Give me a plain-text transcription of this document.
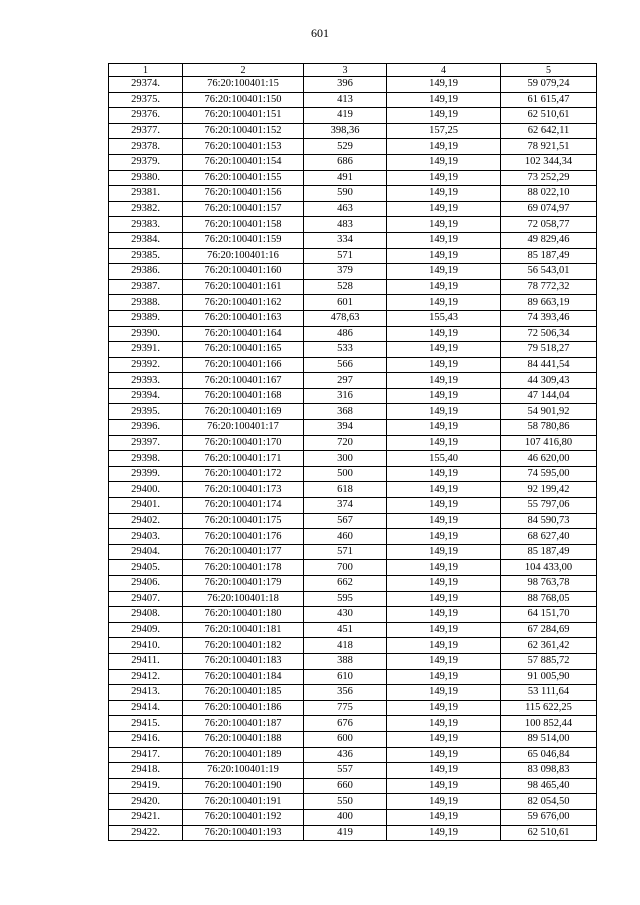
601
1	2	3	4	5
29374.	76:20:100401:15	396	149,19	59 079,24
29375.	76:20:100401:150	413	149,19	61 615,47
29376.	76:20:100401:151	419	149,19	62 510,61
29377.	76:20:100401:152	398,36	157,25	62 642,11
29378.	76:20:100401:153	529	149,19	78 921,51
29379.	76:20:100401:154	686	149,19	102 344,34
29380.	76:20:100401:155	491	149,19	73 252,29
29381.	76:20:100401:156	590	149,19	88 022,10
29382.	76:20:100401:157	463	149,19	69 074,97
29383.	76:20:100401:158	483	149,19	72 058,77
29384.	76:20:100401:159	334	149,19	49 829,46
29385.	76:20:100401:16	571	149,19	85 187,49
29386.	76:20:100401:160	379	149,19	56 543,01
29387.	76:20:100401:161	528	149,19	78 772,32
29388.	76:20:100401:162	601	149,19	89 663,19
29389.	76:20:100401:163	478,63	155,43	74 393,46
29390.	76:20:100401:164	486	149,19	72 506,34
29391.	76:20:100401:165	533	149,19	79 518,27
29392.	76:20:100401:166	566	149,19	84 441,54
29393.	76:20:100401:167	297	149,19	44 309,43
29394.	76:20:100401:168	316	149,19	47 144,04
29395.	76:20:100401:169	368	149,19	54 901,92
29396.	76:20:100401:17	394	149,19	58 780,86
29397.	76:20:100401:170	720	149,19	107 416,80
29398.	76:20:100401:171	300	155,40	46 620,00
29399.	76:20:100401:172	500	149,19	74 595,00
29400.	76:20:100401:173	618	149,19	92 199,42
29401.	76:20:100401:174	374	149,19	55 797,06
29402.	76:20:100401:175	567	149,19	84 590,73
29403.	76:20:100401:176	460	149,19	68 627,40
29404.	76:20:100401:177	571	149,19	85 187,49
29405.	76:20:100401:178	700	149,19	104 433,00
29406.	76:20:100401:179	662	149,19	98 763,78
29407.	76:20:100401:18	595	149,19	88 768,05
29408.	76:20:100401:180	430	149,19	64 151,70
29409.	76:20:100401:181	451	149,19	67 284,69
29410.	76:20:100401:182	418	149,19	62 361,42
29411.	76:20:100401:183	388	149,19	57 885,72
29412.	76:20:100401:184	610	149,19	91 005,90
29413.	76:20:100401:185	356	149,19	53 111,64
29414.	76:20:100401:186	775	149,19	115 622,25
29415.	76:20:100401:187	676	149,19	100 852,44
29416.	76:20:100401:188	600	149,19	89 514,00
29417.	76:20:100401:189	436	149,19	65 046,84
29418.	76:20:100401:19	557	149,19	83 098,83
29419.	76:20:100401:190	660	149,19	98 465,40
29420.	76:20:100401:191	550	149,19	82 054,50
29421.	76:20:100401:192	400	149,19	59 676,00
29422.	76:20:100401:193	419	149,19	62 510,61
